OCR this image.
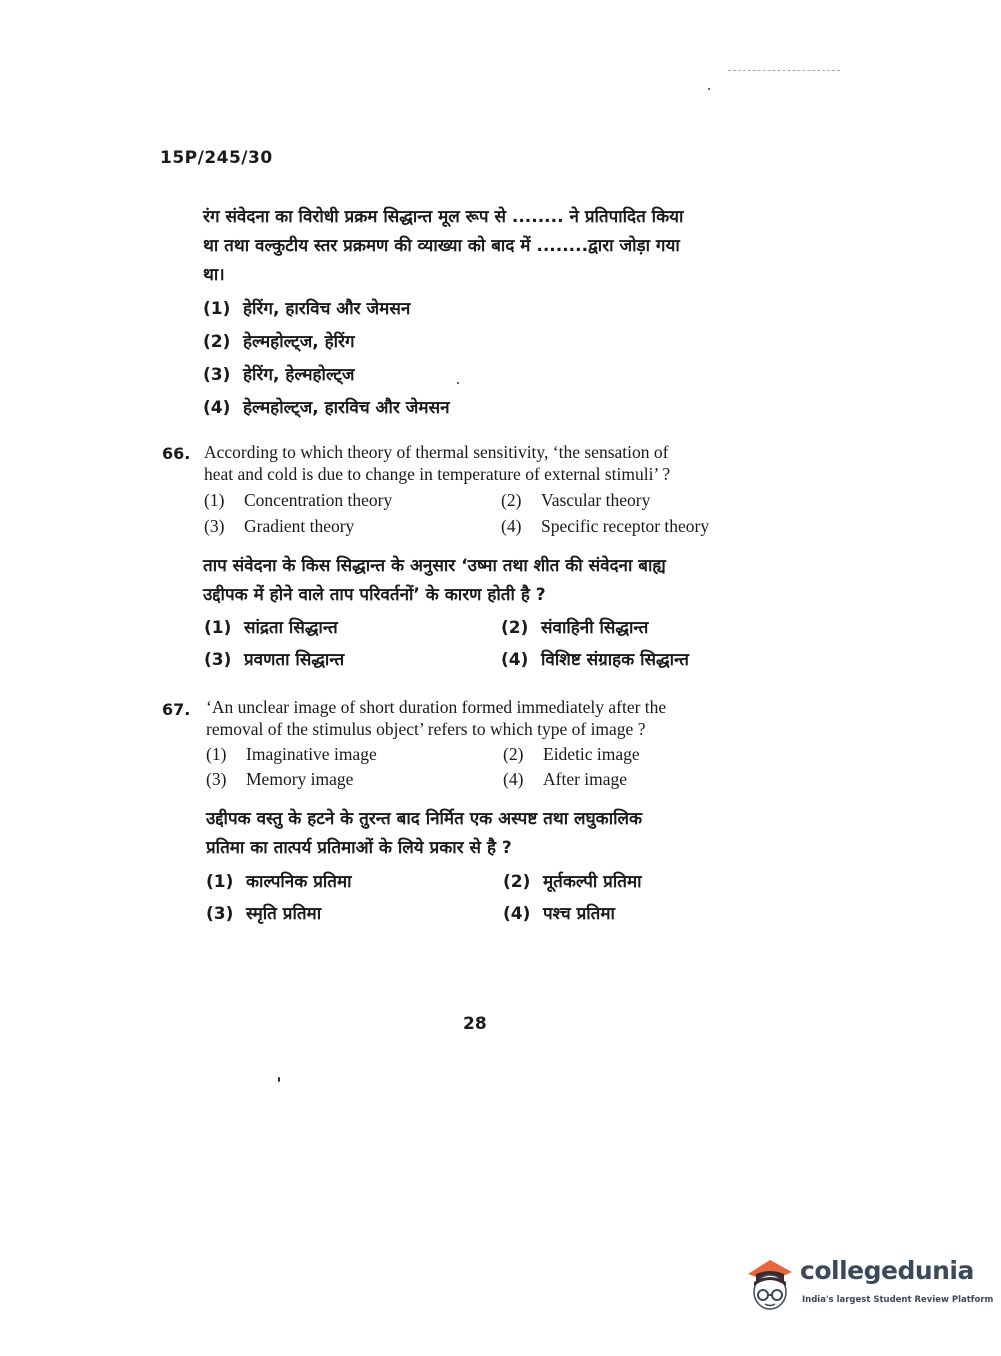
15P/245/30
रंग संवेदना का विरोधी प्रक्रम सिद्धान्त मूल रूप से ........ ने प्रतिपादित किया
था तथा वल्कुटीय स्तर प्रक्रमण की व्याख्या को बाद में ........द्वारा जोड़ा गया
था।
(1) हेरिंग, हारविच और जेमसन
(2) हेल्महोल्ट्ज, हेरिंग
(3) हेरिंग, हेल्महोल्ट्ज
(4) हेल्महोल्ट्ज, हारविच और जेमसन
66. According to which theory of thermal sensitivity, ‘the sensation of
heat and cold is due to change in temperature of external stimuli’ ?
(1) Concentration theory	(2) Vascular theory
(3) Gradient theory	(4) Specific receptor theory
ताप संवेदना के किस सिद्धान्त के अनुसार ‘उष्मा तथा शीत की संवेदना बाह्य
उद्दीपक में होने वाले ताप परिवर्तनों’ के कारण होती है ?
(1) सांद्रता सिद्धान्त	(2) संवाहिनी सिद्धान्त
(3) प्रवणता सिद्धान्त	(4) विशिष्ट संग्राहक सिद्धान्त
67. ‘An unclear image of short duration formed immediately after the
removal of the stimulus object’ refers to which type of image ?
(1) Imaginative image	(2) Eidetic image
(3) Memory image	(4) After image
उद्दीपक वस्तु के हटने के तुरन्त बाद निर्मित एक अस्पष्ट तथा लघुकालिक
प्रतिमा का तात्पर्य प्रतिमाओं के लिये प्रकार से है ?
(1) काल्पनिक प्रतिमा	(2) मूर्तकल्पी प्रतिमा
(3) स्मृति प्रतिमा	(4) पश्च प्रतिमा
28
collegedunia
India's largest Student Review Platform
